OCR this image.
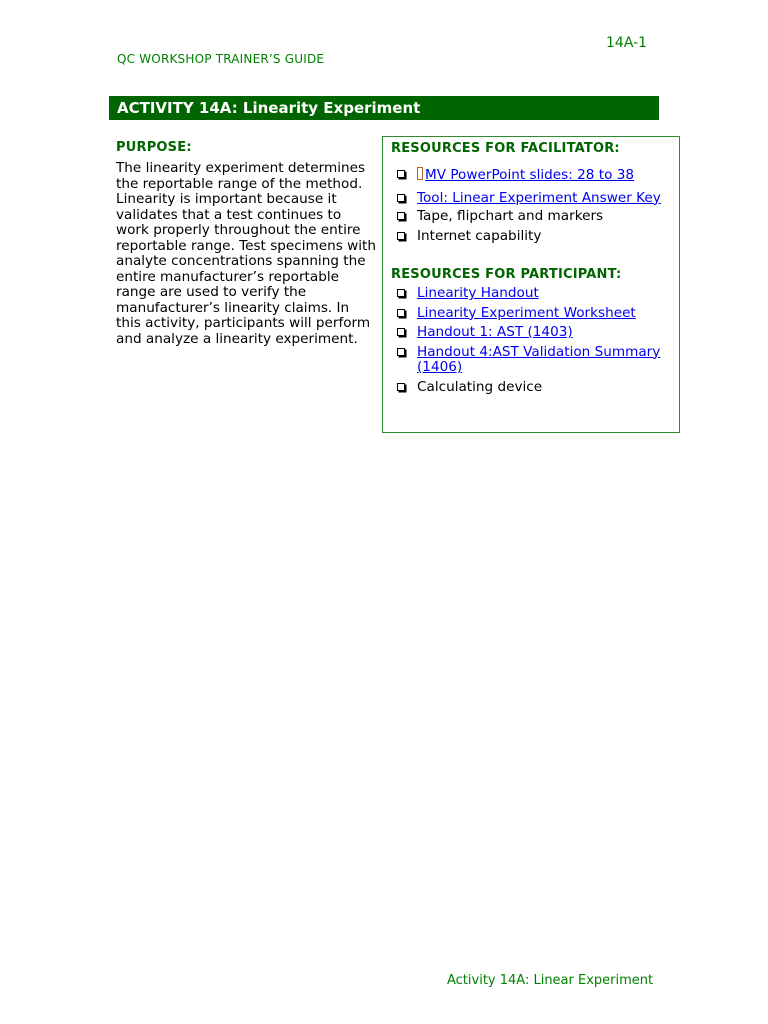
14A-1
QC WORKSHOP TRAINER’S GUIDE
ACTIVITY 14A: Linearity Experiment
PURPOSE:
The linearity experiment determines the reportable range of the method. Linearity is important because it validates that a test continues to work properly throughout the entire reportable range. Test specimens with analyte concentrations spanning the entire manufacturer’s reportable range are used to verify the manufacturer’s linearity claims. In this activity, participants will perform and analyze a linearity experiment.
RESOURCES FOR FACILITATOR:
MV PowerPoint slides: 28 to 38
Tool: Linear Experiment Answer Key
Tape, flipchart and markers
Internet capability
RESOURCES FOR PARTICIPANT:
Linearity Handout
Linearity Experiment Worksheet
Handout 1: AST (1403)
Handout 4:AST Validation Summary (1406)
Calculating device
Activity 14A: Linear Experiment
